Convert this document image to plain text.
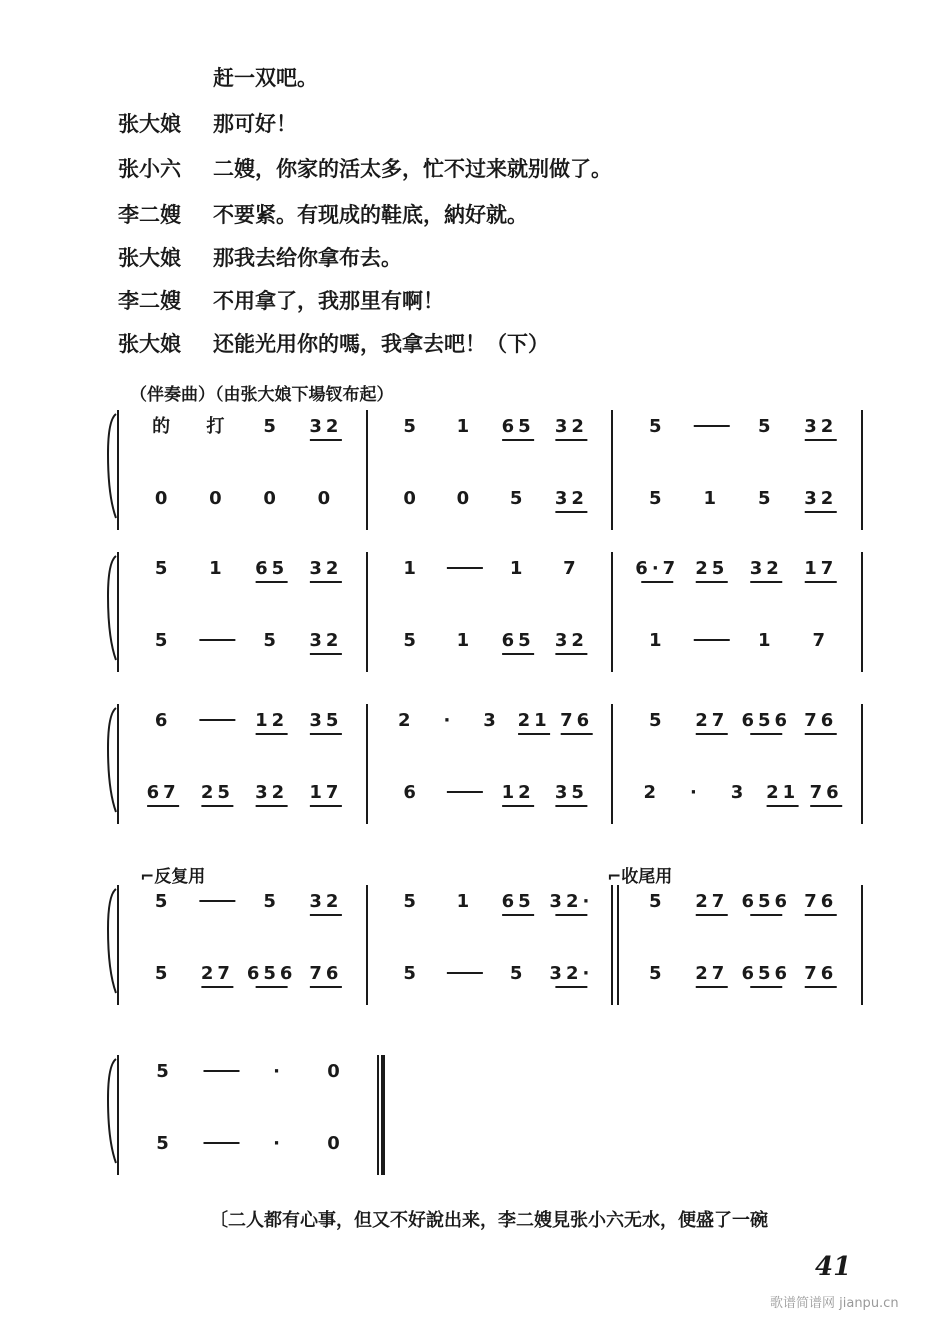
赶一双吧。
张大娘 那可好！
张小六 二嫂，你家的活太多，忙不过来就别做了。
李二嫂 不要紧。有现成的鞋底，納好就。
张大娘 那我去给你拿布去。
李二嫂 不用拿了，我那里有啊！
张大娘 还能光用你的嗎，我拿去吧！（下）
（伴奏曲）（由张大娘下場钗布起）
⌐反复用	⌐收尾用
的 打 5 32	5 1 65 32	5	5 32
0 0 0 0	0 0 5 32	5 1 5 32
5 1 65 32	1	1 7	6·7 25 32 17
5	5 32	5 1 65 32	1	1 7
6	12 35	2 · 3 21 76	5 27 656 76
67 25 32 17	6	12 35	2 · 3 21 76
5	5 32	5 1 65 32·	5 27 656 76
5 27 656 76	5	5 32·	5 27 656 76
5	· 0
5	· 0
〔二人都有心事，但又不好說出来，李二嫂見张小六无水，便盛了一碗
41
歌谱简谱网 jianpu.cn
